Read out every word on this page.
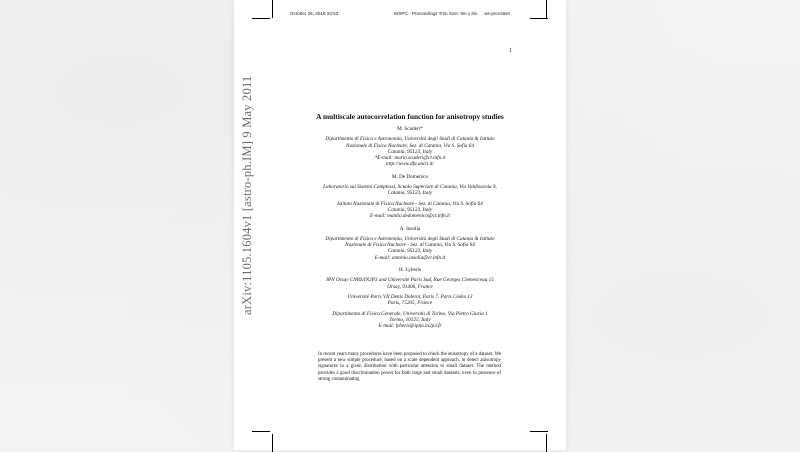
October 26, 2018 20:53	WSPC - Proceedings Trim Size: 9in x 6in ws-procs9x6
1
arXiv:1105.1604v1 [astro-ph.IM] 9 May 2011	A multiscale autocorrelation function for anisotropy studies
M. Scuderi*
Dipartimento di Fisica e Astronomia, Università degli Studi di Catania & Istituto
Nazionale di Fisica Nucleare, Sez. di Catania, Via S. Sofia 64
Catania, 95123, Italy
*E-mail: mario.scuderi@ct.infn.it
http://www.dfa.unict.it/
M. De Domenico
Laboratorio sui Sistemi Complessi, Scuola Superiore di Catania, Via Valdisavoia 9,
Catania, 95123, Italy
Istituto Nazionale di Fisica Nucleare - Sez. di Catania, Via S. Sofia 64
Catania, 95123, Italy
E-mail: manlio.dedomenico@ct.infn.it
A. Insolia
Dipartimento di Fisica e Astronomia, Università degli Studi di Catania & Istituto
Nazionale di Fisica Nucleare - Sez. di Catania, Via S. Sofia 64
Catania, 95123, Italy
E-mail: antonio.insolia@ct.infn.it
H. Lyberis
IPN Orsay CNRS/IN2P3 and Université Paris Sud, Rue Georges Clemenceau 15
Orsay, 91406, France
Université Paris VII Denis Diderot, Paris 7, Paris Cédex 13
Paris, 75205, France
Dipartimento di Fisica Generale, Università di Torino, Via Pietro Giuria 1
Torino, 10125, Italy
E-mail: lyberis@ipno.in2p3.fr
In recent years many procedures have been proposed to check the anisotropy of a dataset. We present a new simple procedure, based on a scale dependent approach, to detect anisotropy signatures in a given distribution with particular attention to small dataset. The method provides a good discrimination power for both large and small datasets, even in presence of strong contaminating
